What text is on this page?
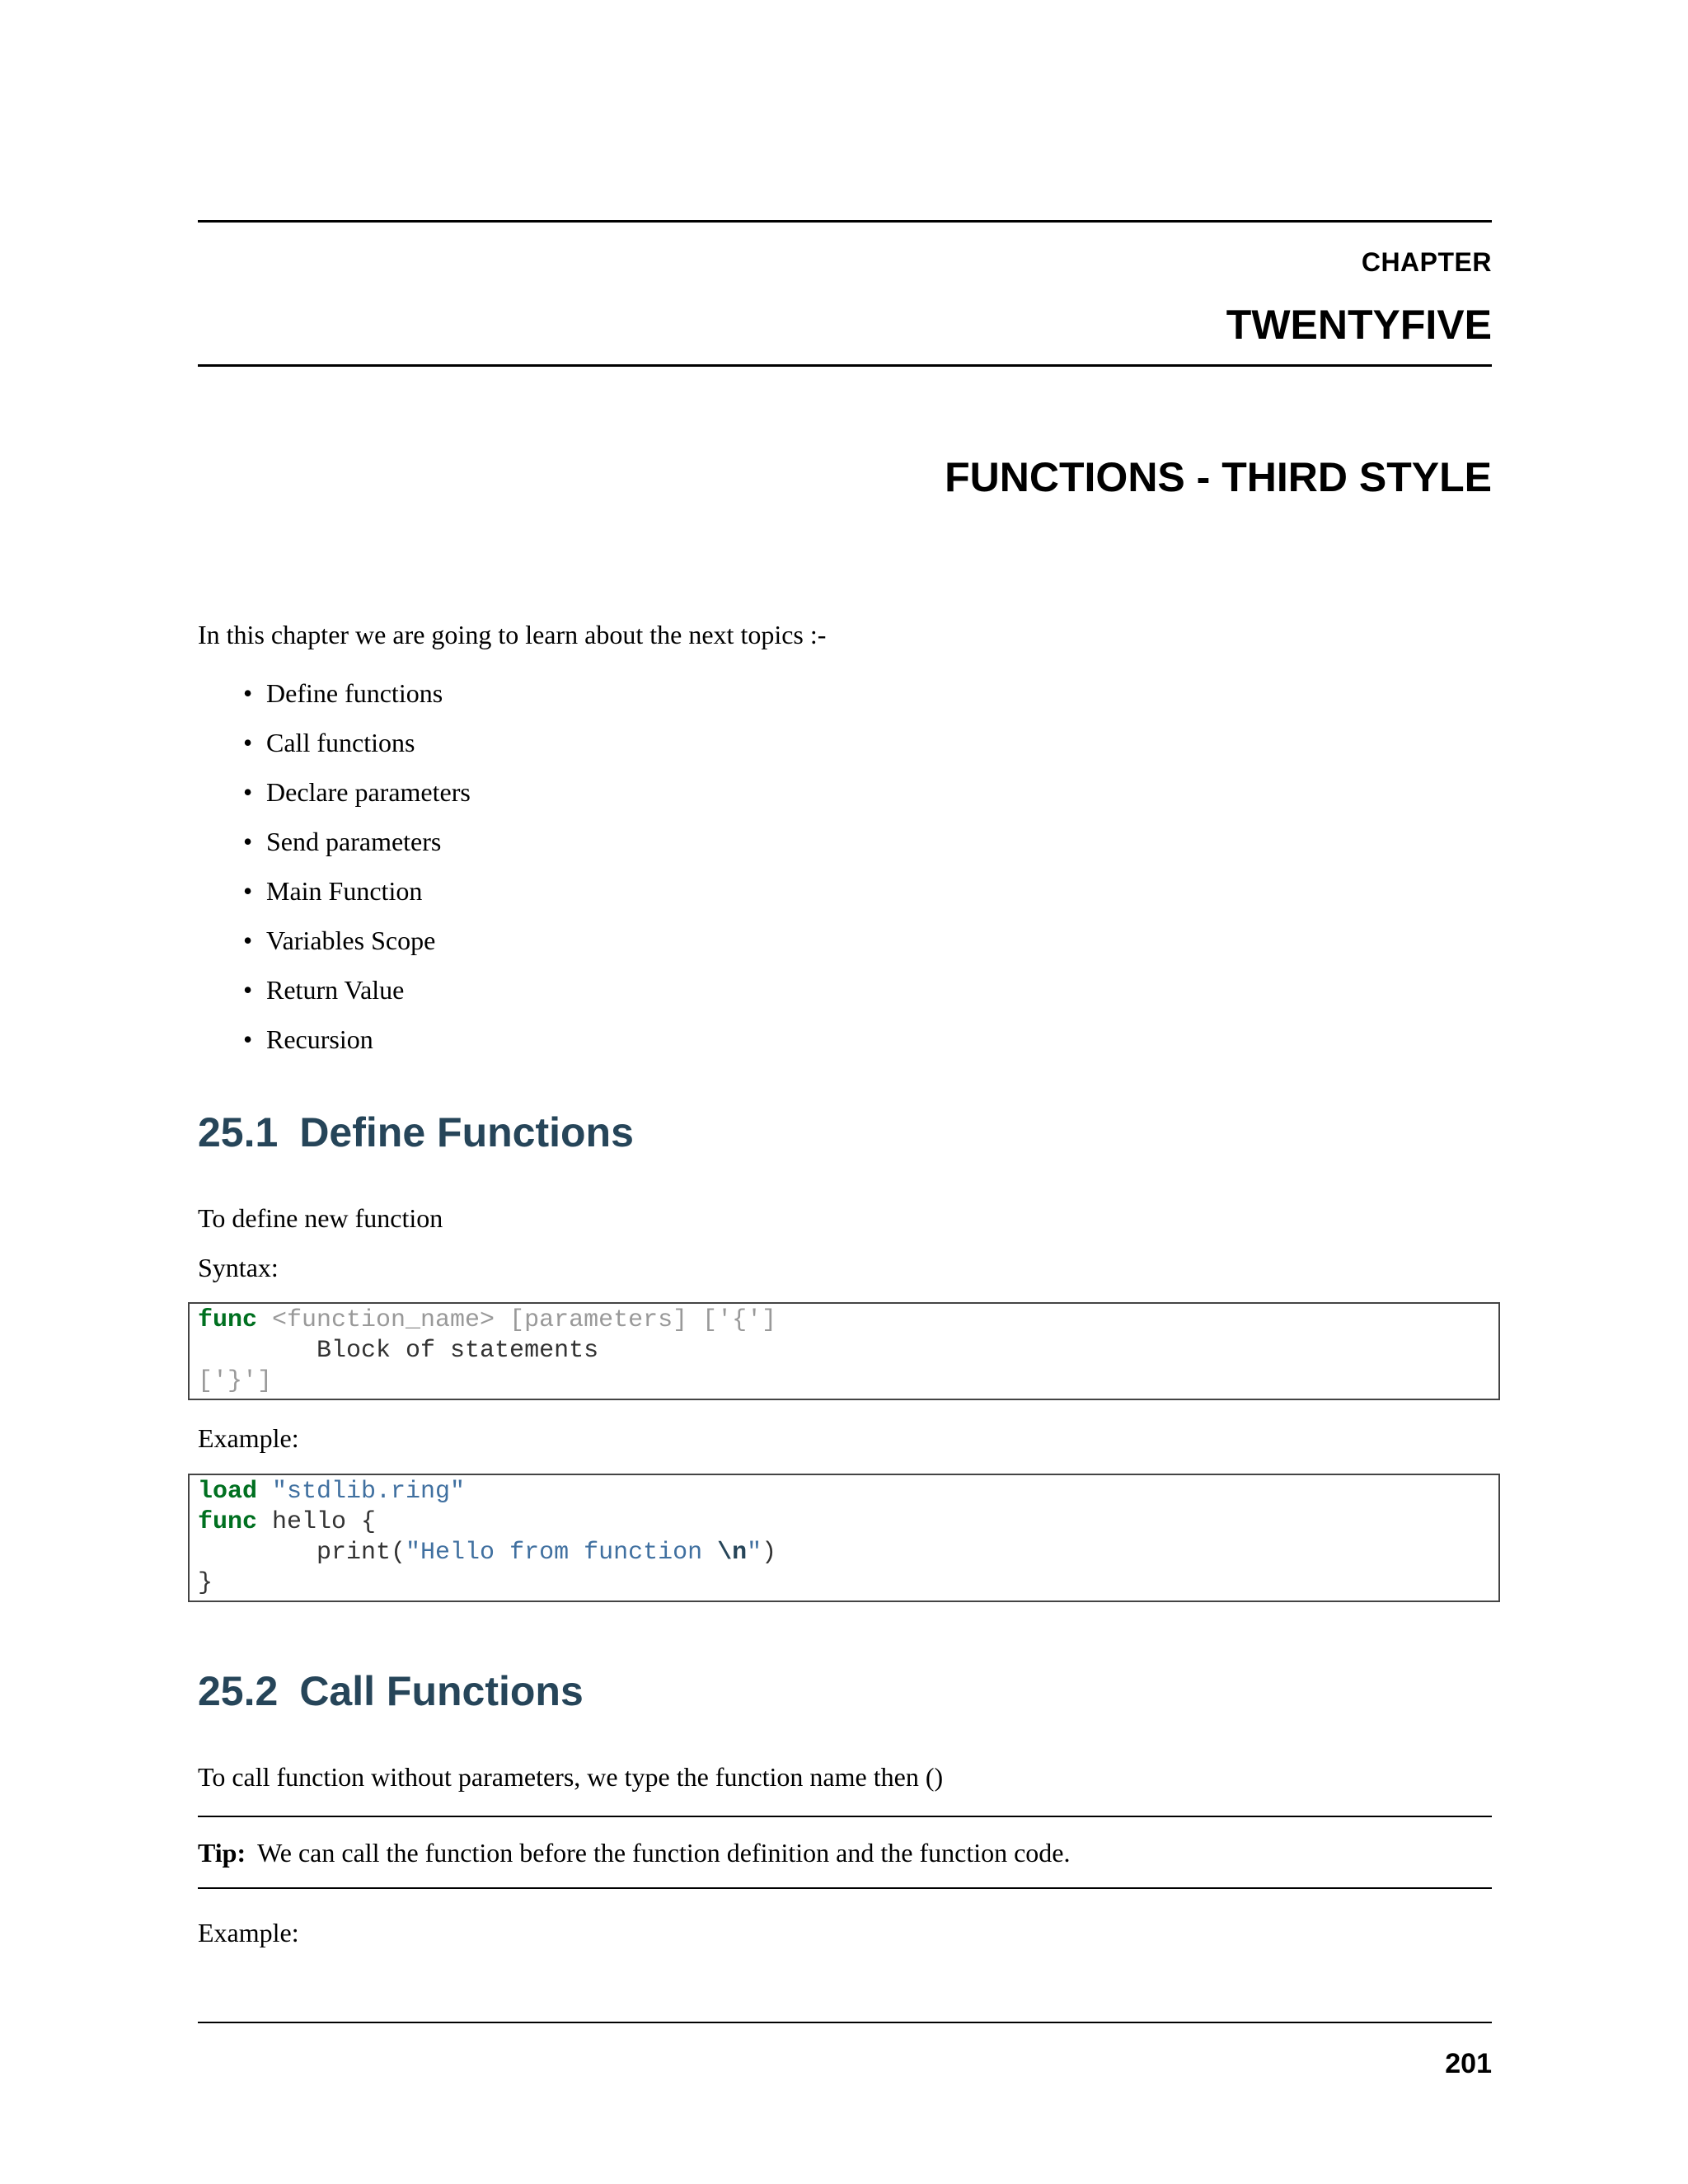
CHAPTER
TWENTYFIVE
FUNCTIONS - THIRD STYLE
In this chapter we are going to learn about the next topics :-
• Define functions
• Call functions
• Declare parameters
• Send parameters
• Main Function
• Variables Scope
• Return Value
• Recursion
25.1 Define Functions
To define new function
Syntax:
func <function_name> [parameters] ['{']
Block of statements
['}']
Example:
load "stdlib.ring"
func hello {
print("Hello from function \n")
}
25.2 Call Functions
To call function without parameters, we type the function name then ()
Tip: We can call the function before the function definition and the function code.
Example:
201
